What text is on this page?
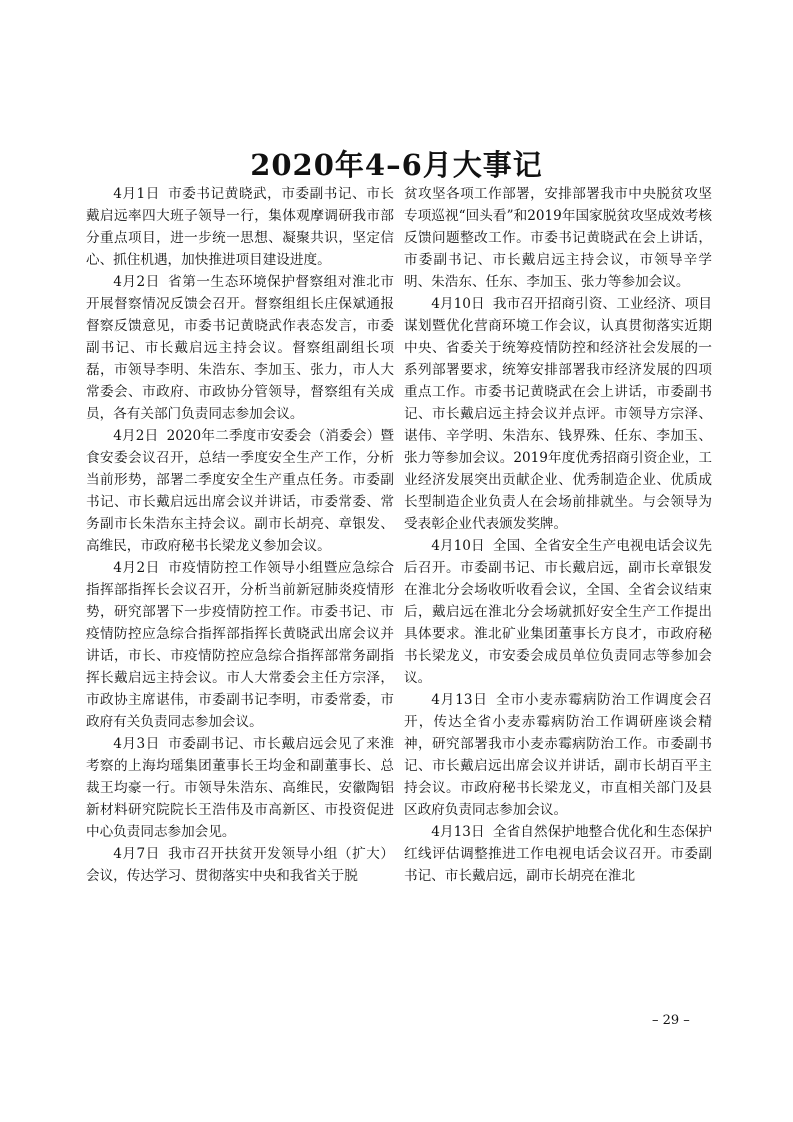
2020年4–6月大事记

4月1日 市委书记黄晓武，市委副书记、市长戴启远率四大班子领导一行，集体观摩调研我市部分重点项目，进一步统一思想、凝聚共识，坚定信心、抓住机遇，加快推进项目建设进度。

4月2日 省第一生态环境保护督察组对淮北市开展督察情况反馈会召开。督察组组长庄保斌通报督察反馈意见，市委书记黄晓武作表态发言，市委副书记、市长戴启远主持会议。督察组副组长项磊，市领导李明、朱浩东、李加玉、张力，市人大常委会、市政府、市政协分管领导，督察组有关成员，各有关部门负责同志参加会议。

4月2日 2020年二季度市安委会（消委会）暨食安委会议召开，总结一季度安全生产工作，分析当前形势，部署二季度安全生产重点任务。市委副书记、市长戴启远出席会议并讲话，市委常委、常务副市长朱浩东主持会议。副市长胡亮、章银发、高维民，市政府秘书长梁龙义参加会议。

4月2日 市疫情防控工作领导小组暨应急综合指挥部指挥长会议召开，分析当前新冠肺炎疫情形势，研究部署下一步疫情防控工作。市委书记、市疫情防控应急综合指挥部指挥长黄晓武出席会议并讲话，市长、市疫情防控应急综合指挥部常务副指挥长戴启远主持会议。市人大常委会主任方宗泽，市政协主席谌伟，市委副书记李明，市委常委，市政府有关负责同志参加会议。

4月3日 市委副书记、市长戴启远会见了来淮考察的上海均瑶集团董事长王均金和副董事长、总裁王均豪一行。市领导朱浩东、高维民，安徽陶铝新材料研究院院长王浩伟及市高新区、市投资促进中心负责同志参加会见。

4月7日 我市召开扶贫开发领导小组（扩大）会议，传达学习、贯彻落实中央和我省关于脱

贫攻坚各项工作部署，安排部署我市中央脱贫攻坚专项巡视“回头看”和2019年国家脱贫攻坚成效考核反馈问题整改工作。市委书记黄晓武在会上讲话，市委副书记、市长戴启远主持会议，市领导辛学明、朱浩东、任东、李加玉、张力等参加会议。

4月10日 我市召开招商引资、工业经济、项目谋划暨优化营商环境工作会议，认真贯彻落实近期中央、省委关于统筹疫情防控和经济社会发展的一系列部署要求，统筹安排部署我市经济发展的四项重点工作。市委书记黄晓武在会上讲话，市委副书记、市长戴启远主持会议并点评。市领导方宗泽、谌伟、辛学明、朱浩东、钱界殊、任东、李加玉、张力等参加会议。2019年度优秀招商引资企业，工业经济发展突出贡献企业、优秀制造企业、优质成长型制造企业负责人在会场前排就坐。与会领导为受表彰企业代表颁发奖牌。

4月10日 全国、全省安全生产电视电话会议先后召开。市委副书记、市长戴启远，副市长章银发在淮北分会场收听收看会议，全国、全省会议结束后，戴启远在淮北分会场就抓好安全生产工作提出具体要求。淮北矿业集团董事长方良才，市政府秘书长梁龙义，市安委会成员单位负责同志等参加会议。

4月13日 全市小麦赤霉病防治工作调度会召开，传达全省小麦赤霉病防治工作调研座谈会精神，研究部署我市小麦赤霉病防治工作。市委副书记、市长戴启远出席会议并讲话，副市长胡百平主持会议。市政府秘书长梁龙义，市直相关部门及县区政府负责同志参加会议。

4月13日 全省自然保护地整合优化和生态保护红线评估调整推进工作电视电话会议召开。市委副书记、市长戴启远，副市长胡亮在淮北

– 29 –
